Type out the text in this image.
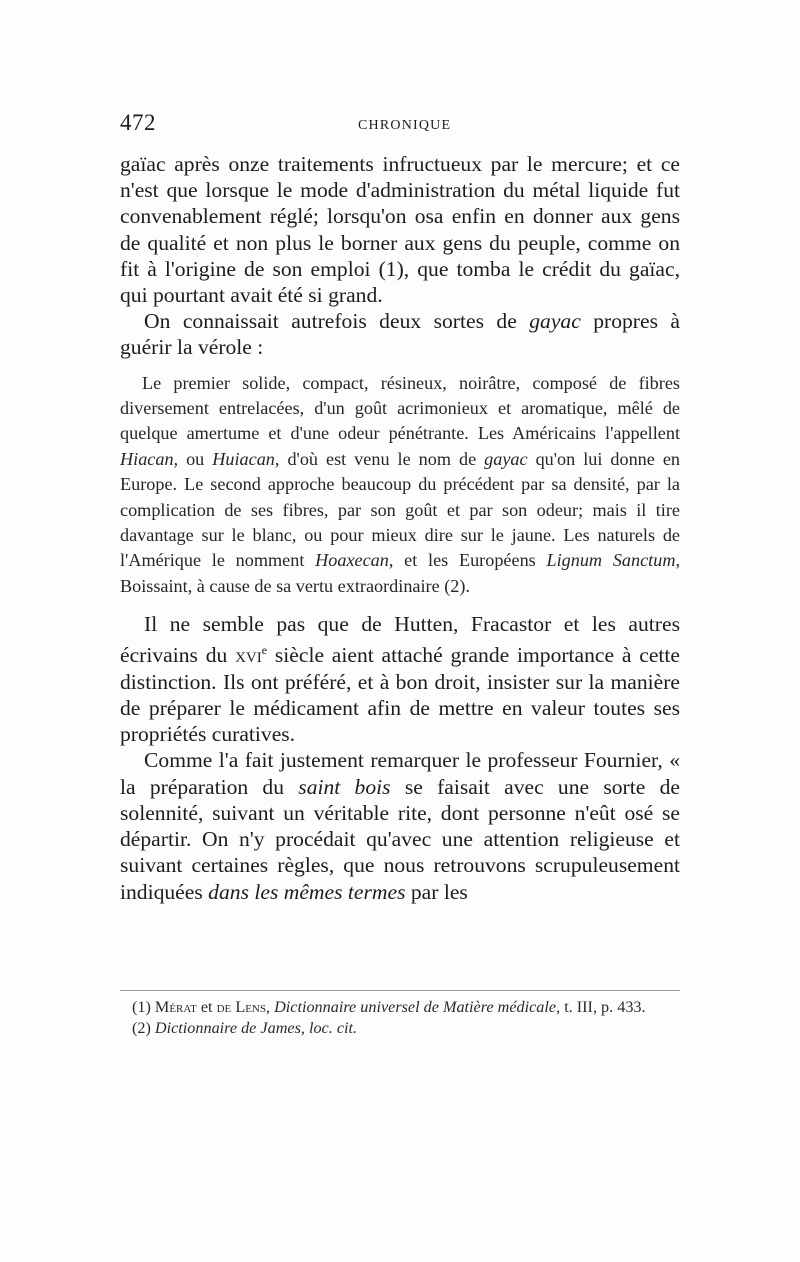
472	CHRONIQUE

gaïac après onze traitements infructueux par le mercure; et ce n'est que lorsque le mode d'administration du métal liquide fut convenablement réglé; lorsqu'on osa enfin en donner aux gens de qualité et non plus le borner aux gens du peuple, comme on fit à l'origine de son emploi (1), que tomba le crédit du gaïac, qui pourtant avait été si grand.

On connaissait autrefois deux sortes de gayac propres à guérir la vérole :

Le premier solide, compact, résineux, noirâtre, composé de fibres diversement entrelacées, d'un goût acrimonieux et aromatique, mêlé de quelque amertume et d'une odeur pénétrante. Les Américains l'appellent Hiacan, ou Huiacan, d'où est venu le nom de gayac qu'on lui donne en Europe. Le second approche beaucoup du précédent par sa densité, par la complication de ses fibres, par son goût et par son odeur; mais il tire davantage sur le blanc, ou pour mieux dire sur le jaune. Les naturels de l'Amérique le nomment Hoaxecan, et les Européens Lignum Sanctum, Boissaint, à cause de sa vertu extraordinaire (2).

Il ne semble pas que de Hutten, Fracastor et les autres écrivains du xvi$^e$ siècle aient attaché grande importance à cette distinction. Ils ont préféré, et à bon droit, insister sur la manière de préparer le médicament afin de mettre en valeur toutes ses propriétés curatives.

Comme l'a fait justement remarquer le professeur Fournier, « la préparation du saint bois se faisait avec une sorte de solennité, suivant un véritable rite, dont personne n'eût osé se départir. On n'y procédait qu'avec une attention religieuse et suivant certaines règles, que nous retrouvons scrupuleusement indiquées dans les mêmes termes par les

(1) Mérat et de Lens, Dictionnaire universel de Matière médicale, t. III, p. 433.

(2) Dictionnaire de James, loc. cit.
